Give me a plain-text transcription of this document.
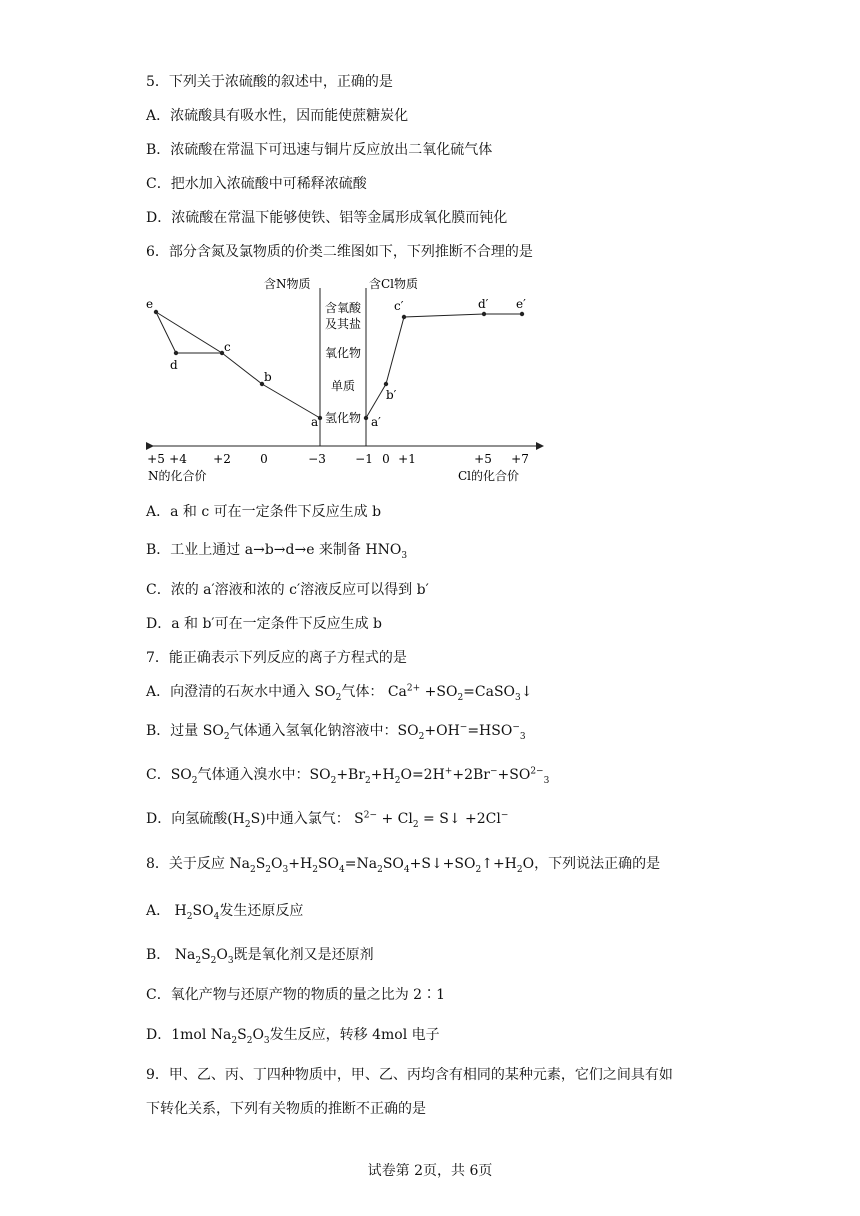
5．下列关于浓硫酸的叙述中，正确的是
A．浓硫酸具有吸水性，因而能使蔗糖炭化
B．浓硫酸在常温下可迅速与铜片反应放出二氧化硫气体
C．把水加入浓硫酸中可稀释浓硫酸
D．浓硫酸在常温下能够使铁、铝等金属形成氧化膜而钝化
6．部分含氮及氯物质的价类二维图如下，下列推断不合理的是
含N物质	含Cl物质
含氧酸
及其盐
氧化物
单质
氢化物
e
d
c
b
a	a′
b′
c′	d′ e′
+5 +4 +2 0	−3 −1 0 +1	+5 +7
N的化合价	Cl的化合价
A．a 和 c 可在一定条件下反应生成 b
B．工业上通过 a→b→d→e 来制备 $HNO_3$
C．浓的 a′溶液和浓的 c′溶液反应可以得到 b′
D．a 和 b′可在一定条件下反应生成 b
7．能正确表示下列反应的离子方程式的是
A．向澄清的石灰水中通入 $SO_2$气体： $Ca^{2+}$ $+SO_2=CaSO_3↓$
B．过量 $SO_2$气体通入氢氧化钠溶液中：$SO_2+OH^-=HSO^-_3$
C．$SO_2$气体通入溴水中：$SO_2+Br_2+H_2O=2H^++2Br^-+SO^{2-}_3$
D．向氢硫酸$(H_2S)$中通入氯气： $S^{2-} + Cl_2$ = S↓ +2Cl−
8．关于反应 $Na_2S_2O_3+H_2SO_4=Na_2SO_4+S↓+SO_2↑+H_2O$，下列说法正确的是
A． $H_2SO_4$发生还原反应
B． $Na_2S_2O_3$既是氧化剂又是还原剂
C．氧化产物与还原产物的物质的量之比为 2∶1
D．1mol $Na_2S_2O_3$发生反应，转移 4mol 电子
9．甲、乙、丙、丁四种物质中，甲、乙、丙均含有相同的某种元素，它们之间具有如
下转化关系，下列有关物质的推断不正确的是
试卷第 2页，共 6页
